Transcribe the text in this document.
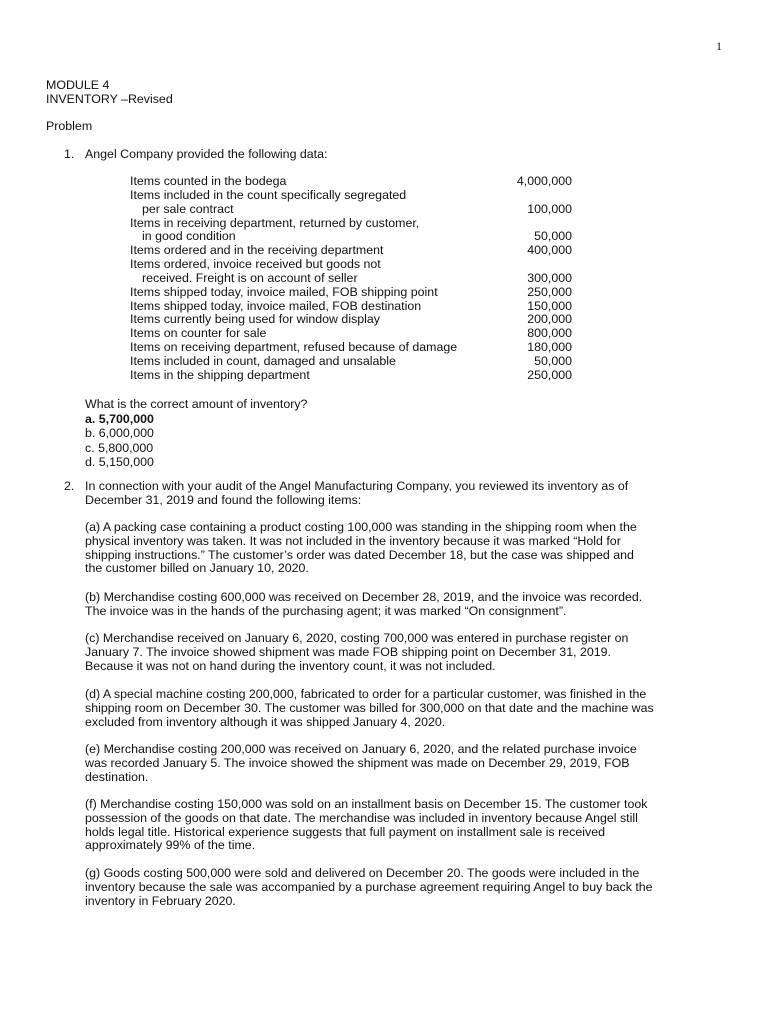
1
MODULE 4
INVENTORY –Revised
Problem
1. Angel Company provided the following data:
Items counted in the bodega	4,000,000
Items included in the count specifically segregated	
per sale contract	100,000
Items in receiving department, returned by customer,	
in good condition	50,000
Items ordered and in the receiving department	400,000
Items ordered, invoice received but goods not	
received. Freight is on account of seller	300,000
Items shipped today, invoice mailed, FOB shipping point	250,000
Items shipped today, invoice mailed, FOB destination	150,000
Items currently being used for window display	200,000
Items on counter for sale	800,000
Items on receiving department, refused because of damage	180,000
Items included in count, damaged and unsalable	50,000
Items in the shipping department	250,000
What is the correct amount of inventory?
a. 5,700,000
b. 6,000,000
c. 5,800,000
d. 5,150,000
2. In connection with your audit of the Angel Manufacturing Company, you reviewed its inventory as of
December 31, 2019 and found the following items:
(a) A packing case containing a product costing 100,000 was standing in the shipping room when the
physical inventory was taken. It was not included in the inventory because it was marked “Hold for
shipping instructions.” The customer’s order was dated December 18, but the case was shipped and
the customer billed on January 10, 2020.
(b) Merchandise costing 600,000 was received on December 28, 2019, and the invoice was recorded.
The invoice was in the hands of the purchasing agent; it was marked “On consignment”.
(c) Merchandise received on January 6, 2020, costing 700,000 was entered in purchase register on
January 7. The invoice showed shipment was made FOB shipping point on December 31, 2019.
Because it was not on hand during the inventory count, it was not included.
(d) A special machine costing 200,000, fabricated to order for a particular customer, was finished in the
shipping room on December 30. The customer was billed for 300,000 on that date and the machine was
excluded from inventory although it was shipped January 4, 2020.
(e) Merchandise costing 200,000 was received on January 6, 2020, and the related purchase invoice
was recorded January 5. The invoice showed the shipment was made on December 29, 2019, FOB
destination.
(f) Merchandise costing 150,000 was sold on an installment basis on December 15. The customer took
possession of the goods on that date. The merchandise was included in inventory because Angel still
holds legal title. Historical experience suggests that full payment on installment sale is received
approximately 99% of the time.
(g) Goods costing 500,000 were sold and delivered on December 20. The goods were included in the
inventory because the sale was accompanied by a purchase agreement requiring Angel to buy back the
inventory in February 2020.
